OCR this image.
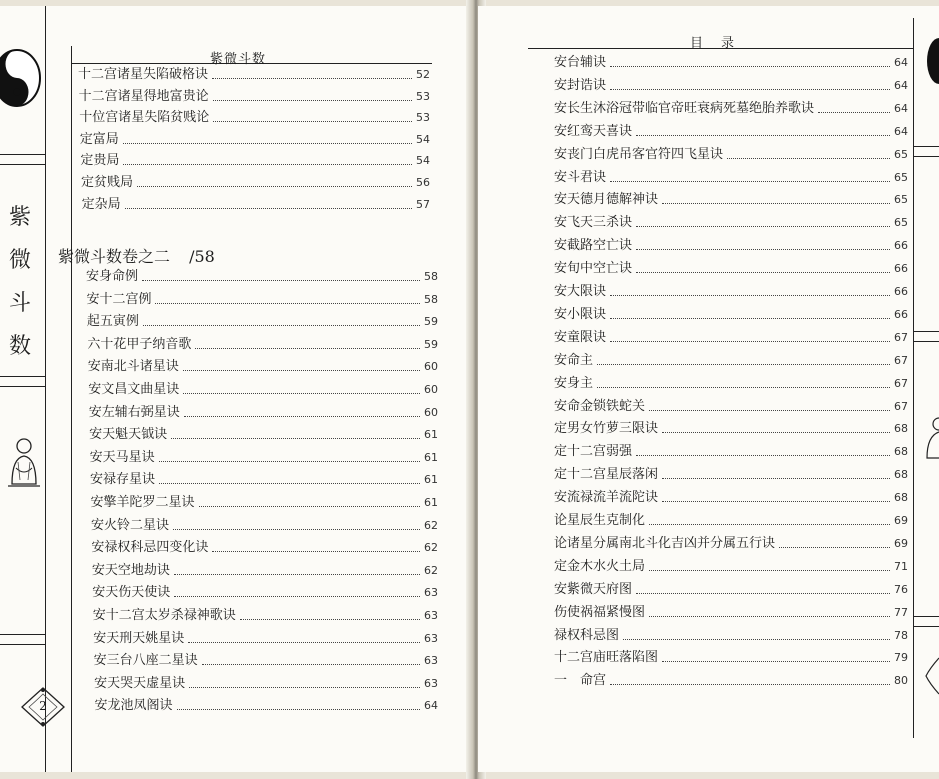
紫
微
斗
数
2
紫微斗数
十二宫诸星失陷破格诀	52
十二宫诸星得地富贵论	53
十位宫诸星失陷贫贱论	53
定富局	54
定贵局	54
定贫贱局	56
定杂局	57
紫微斗数卷之二 /58
安身命例	58
安十二宫例	58
起五寅例	59
六十花甲子纳音歌	59
安南北斗诸星诀	60
安文昌文曲星诀	60
安左辅右弼星诀	60
安天魁天钺诀	61
安天马星诀	61
安禄存星诀	61
安擎羊陀罗二星诀	61
安火铃二星诀	62
安禄权科忌四变化诀	62
安天空地劫诀	62
安天伤天使诀	63
安十二宫太岁杀禄神歌诀	63
安天刑天姚星诀	63
安三台八座二星诀	63
安天哭天虚星诀	63
安龙池凤阁诀	64
目录
安台辅诀	64
安封诰诀	64
安长生沐浴冠带临官帝旺衰病死墓绝胎养歌诀	64
安红鸾天喜诀	64
安丧门白虎吊客官符四飞星诀	65
安斗君诀	65
安天德月德解神诀	65
安飞天三杀诀	65
安截路空亡诀	66
安旬中空亡诀	66
安大限诀	66
安小限诀	66
安童限诀	67
安命主	67
安身主	67
安命金锁铁蛇关	67
定男女竹萝三限诀	68
定十二宫弱强	68
定十二宫星辰落闲	68
安流禄流羊流陀诀	68
论星辰生克制化	69
论诸星分属南北斗化吉凶并分属五行诀	69
定金木水火土局	71
安紫微天府图	76
伤使祸福紧慢图	77
禄权科忌图	78
十二宫庙旺落陷图	79
一　命宫	80
